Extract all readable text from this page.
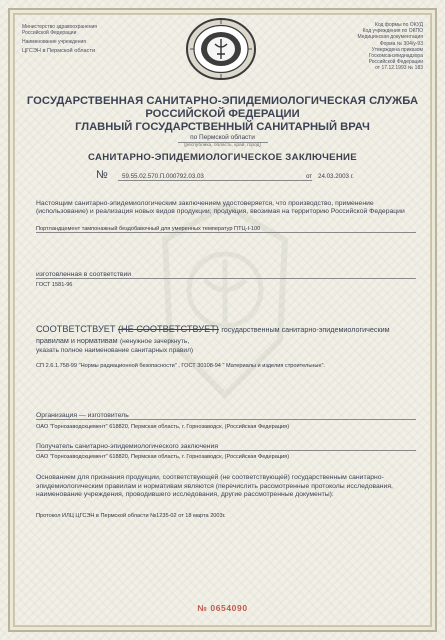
Министерство здравоохранения
Российской Федерации
Наименование учреждения
ЦГСЭН в Пермской области
Код формы по ОКУД
Код учреждения по ОКПО
Медицинская документация
Форма № 304/у-93
Утверждена приказом
Госкомсанэпиднадзора
Российской Федерации
от 17.12.1993 № 183
ГОСУДАРСТВЕННАЯ САНИТАРНО-ЭПИДЕМИОЛОГИЧЕСКАЯ СЛУЖБА
РОССИЙСКОЙ ФЕДЕРАЦИИ
ГЛАВНЫЙ ГОСУДАРСТВЕННЫЙ САНИТАРНЫЙ ВРАЧ
по Пермской области
(республика, область, край, город)
САНИТАРНО-ЭПИДЕМИОЛОГИЧЕСКОЕ ЗАКЛЮЧЕНИЕ
№ 59.55.02.570.П.000792.03.03	от 24.03.2003 г.
Настоящим санитарно-эпидемиологическим заключением удостоверяется, что производство, применение (использование) и реализация новых видов продукции; продукция, ввозимая на территорию Российской Федерации
Портландцемент тампонажный бездобавочный для умеренных температур ПТЦ-I-100
изготовленная в соответствии
ГОСТ 1581-96
СООТВЕТСТВУЕТ (НЕ СООТВЕТСТВУЕТ) государственным санитарно-эпидемиологическим правилам и нормативам (ненужное зачеркнуть,
указать полное наименование санитарных правил)
СП 2.6.1.758-99 "Нормы радиационной безопасности" , ГОСТ 30108-94 " Материалы и изделия строительные".
Организация — изготовитель
ОАО "Горнозаводскцемент" 618820, Пермская область, г. Горнозаводск, (Российская Федерация)
Получатель санитарно-эпидемиологического заключения
ОАО "Горнозаводскцемент" 618820, Пермская область, г. Горнозаводск, (Российская Федерация)
Основанием для признания продукции, соответствующей (не соответствующей) государственным санитарно-эпидемиологическим правилам и нормативам являются (перечислить рассмотренные протоколы исследования, наименование учреждения, проводившего исследования, другие рассмотренные документы):
Протокол ИЛЦ ЦГСЭН в Пермской области №1235-02 от 18 марта 2003г.
№ 0654090
